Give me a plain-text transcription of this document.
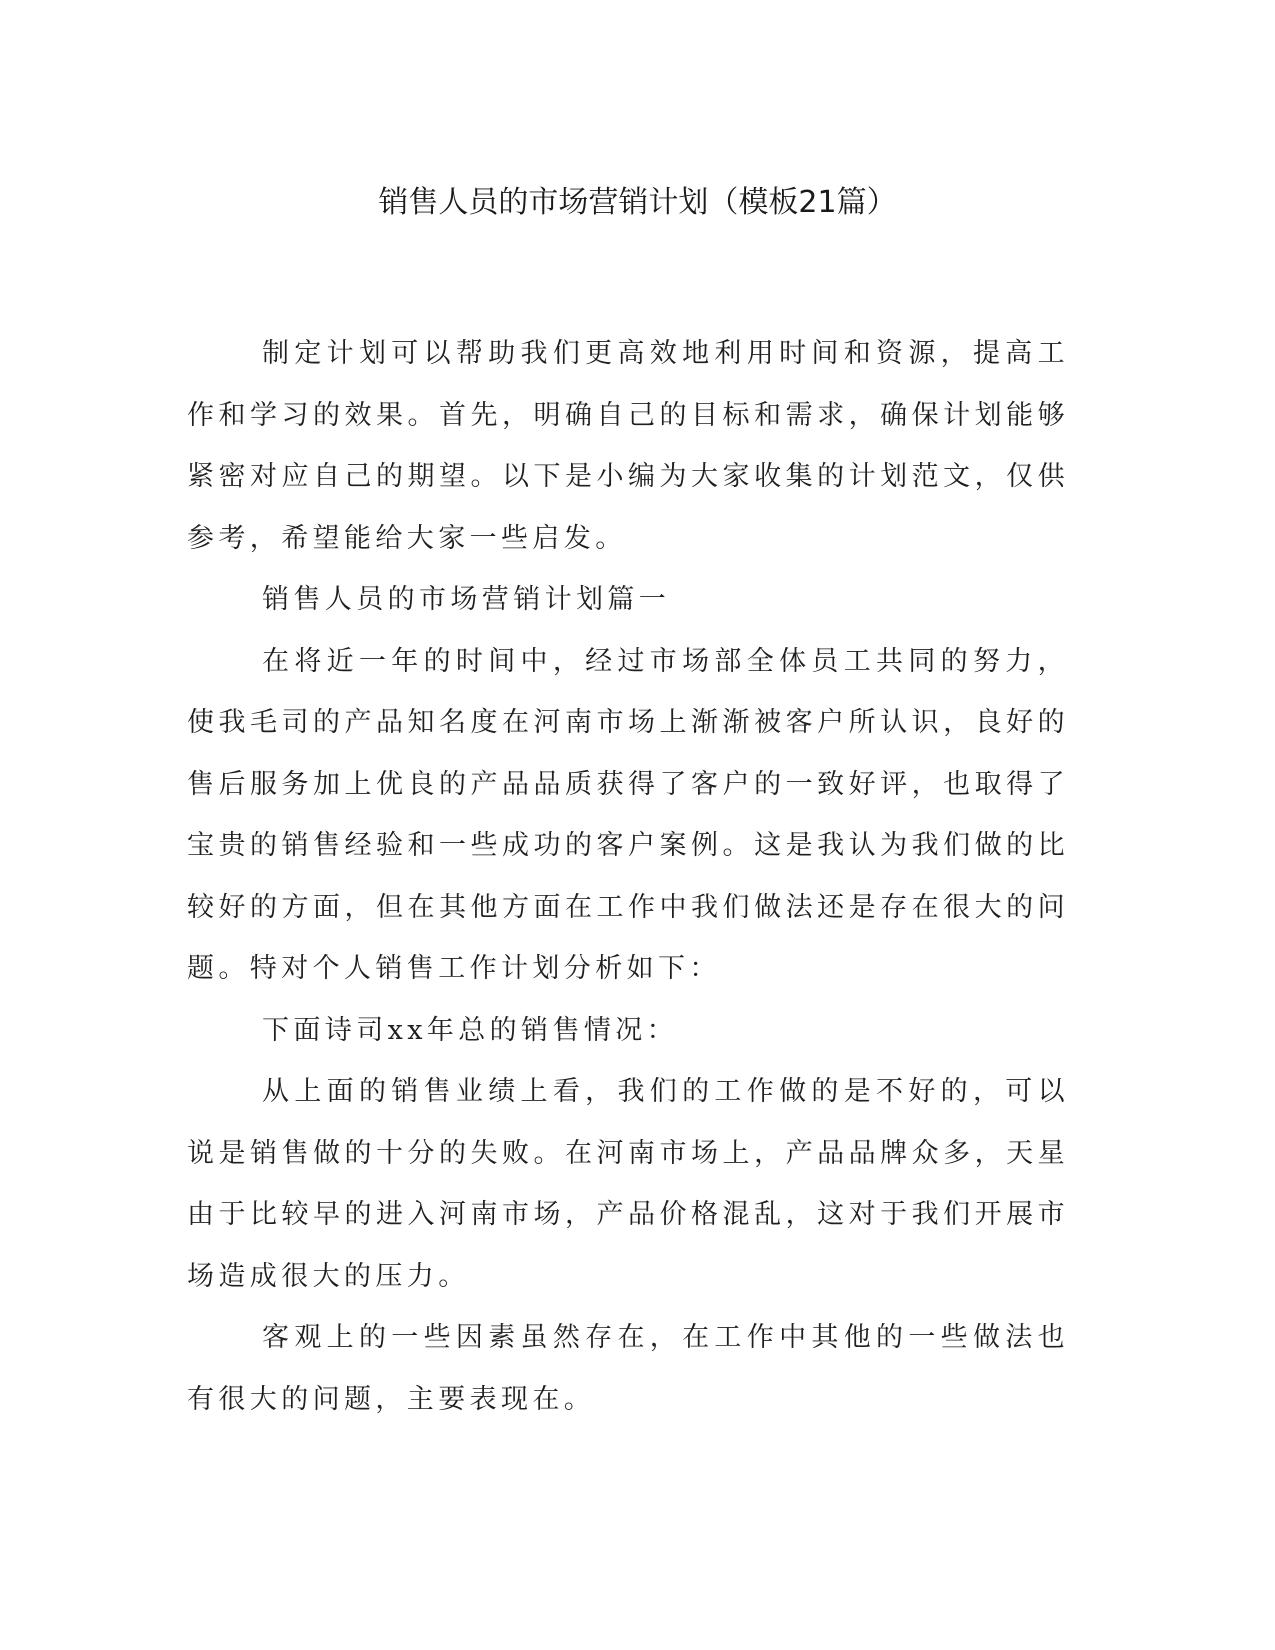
销售人员的市场营销计划（模板21篇）

制定计划可以帮助我们更高效地利用时间和资源，提高工作和学习的效果。首先，明确自己的目标和需求，确保计划能够紧密对应自己的期望。以下是小编为大家收集的计划范文，仅供参考，希望能给大家一些启发。

销售人员的市场营销计划篇一

在将近一年的时间中，经过市场部全体员工共同的努力，使我毛司的产品知名度在河南市场上渐渐被客户所认识，良好的售后服务加上优良的产品品质获得了客户的一致好评，也取得了宝贵的销售经验和一些成功的客户案例。这是我认为我们做的比较好的方面，但在其他方面在工作中我们做法还是存在很大的问题。特对个人销售工作计划分析如下：

下面诗司xx年总的销售情况：

从上面的销售业绩上看，我们的工作做的是不好的，可以说是销售做的十分的失败。在河南市场上，产品品牌众多，天星由于比较早的进入河南市场，产品价格混乱，这对于我们开展市场造成很大的压力。

客观上的一些因素虽然存在，在工作中其他的一些做法也有很大的问题，主要表现在。
